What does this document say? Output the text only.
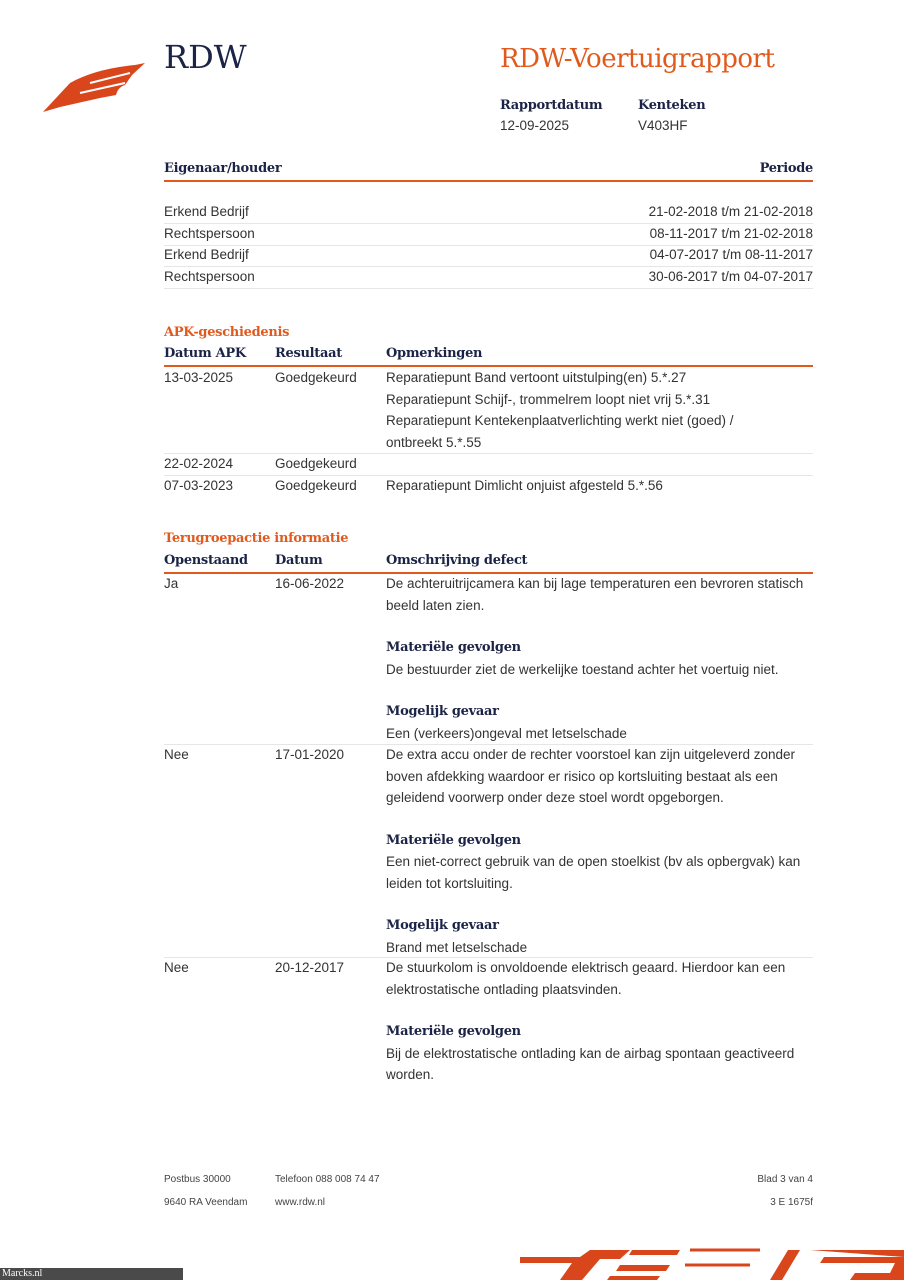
RDW	RDW-Voertuigrapport
Rapportdatum
12-09-2025
Kenteken
V403HF
Eigenaar/houder	Periode
APK-geschiedenis
Datum APK Resultaat	Opmerkingen
Terugroepactie informatie
Openstaand Datum	Omschrijving defect
Postbus 30000
9640 RA Veendam
Telefoon 088 008 74 47
www.rdw.nl
Blad 3 van 4
3 E 1675f
Marcks.nl
Erkend Bedrijf	21-02-2018 t/m 21-02-2018
Rechtspersoon	08-11-2017 t/m 21-02-2018
Erkend Bedrijf	04-07-2017 t/m 08-11-2017
Rechtspersoon	30-06-2017 t/m 04-07-2017
13-03-2025	Goedgekeurd Reparatiepunt Band vertoont uitstulping(en) 5.*.27
Reparatiepunt Schijf-, trommelrem loopt niet vrij 5.*.31
Reparatiepunt Kentekenplaatverlichting werkt niet (goed) /
ontbreekt 5.*.55
22-02-2024	Goedgekeurd
07-03-2023	Goedgekeurd Reparatiepunt Dimlicht onjuist afgesteld 5.*.56
Ja	16-06-2022	De achteruitrijcamera kan bij lage temperaturen een bevroren statisch beeld laten zien.
Materiële gevolgen
De bestuurder ziet de werkelijke toestand achter het voertuig niet.
Mogelijk gevaar
Een (verkeers)ongeval met letselschade
Nee	17-01-2020	De extra accu onder de rechter voorstoel kan zijn uitgeleverd zonder boven afdekking waardoor er risico op kortsluiting bestaat als een geleidend voorwerp onder deze stoel wordt opgeborgen.
Materiële gevolgen
Een niet-correct gebruik van de open stoelkist (bv als opbergvak) kan leiden tot kortsluiting.
Mogelijk gevaar
Brand met letselschade
Nee	20-12-2017	De stuurkolom is onvoldoende elektrisch geaard. Hierdoor kan een elektrostatische ontlading plaatsvinden.
Materiële gevolgen
Bij de elektrostatische ontlading kan de airbag spontaan geactiveerd worden.
